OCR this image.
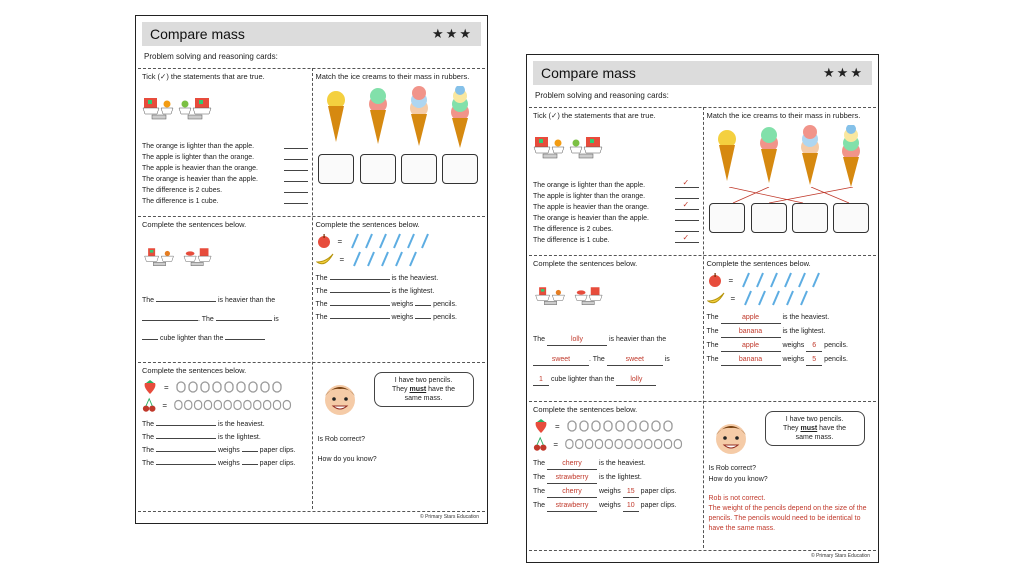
Compare mass	★★★
Problem solving and reasoning cards:
Tick (✓) the statements that are true.
The orange is lighter than the apple.
The apple is lighter than the orange.
The apple is heavier than the orange.
The orange is heavier than the apple.
The difference is 2 cubes.
The difference is 1 cube.
Match the ice creams to their mass in rubbers.
Complete the sentences below.
The	is heavier than the
. The	is
cube lighter than the
Complete the sentences below.
=
=
The	is the heaviest.
The	is the lightest.
The	weighs	pencils.
The	weighs	pencils.
Complete the sentences below.
=
=
The	is the heaviest.
The	is the lightest.
The	weighs	paper clips.
The	weighs	paper clips.
I have two pencils.
They must have the
same mass.
Is Rob correct?
How do you know?
© Primary Stars Education
Compare mass	★★★
Problem solving and reasoning cards:
Tick (✓) the statements that are true.
The orange is lighter than the apple.	✓
The apple is lighter than the orange.
The apple is heavier than the orange.	✓
The orange is heavier than the apple.
The difference is 2 cubes.
The difference is 1 cube.	✓
Match the ice creams to their mass in rubbers.
Complete the sentences below.
The	lolly	is heavier than the
sweet	. The	sweet	is
1 cube lighter than the lolly
Complete the sentences below.
=
=
The	apple	is the heaviest.
The	banana	is the lightest.
The	apple	weighs 6 pencils.
The	banana	weighs 5 pencils.
Complete the sentences below.
=
=
The cherry is the heaviest.
The strawberry is the lightest.
The cherry weighs 15 paper clips.
The strawberry weighs 10 paper clips.
I have two pencils.
They must have the
same mass.
Is Rob correct?
How do you know?
Rob is not correct.
The weight of the pencils depend on the size of the pencils. The pencils would need to be identical to have the same mass.
© Primary Stars Education
